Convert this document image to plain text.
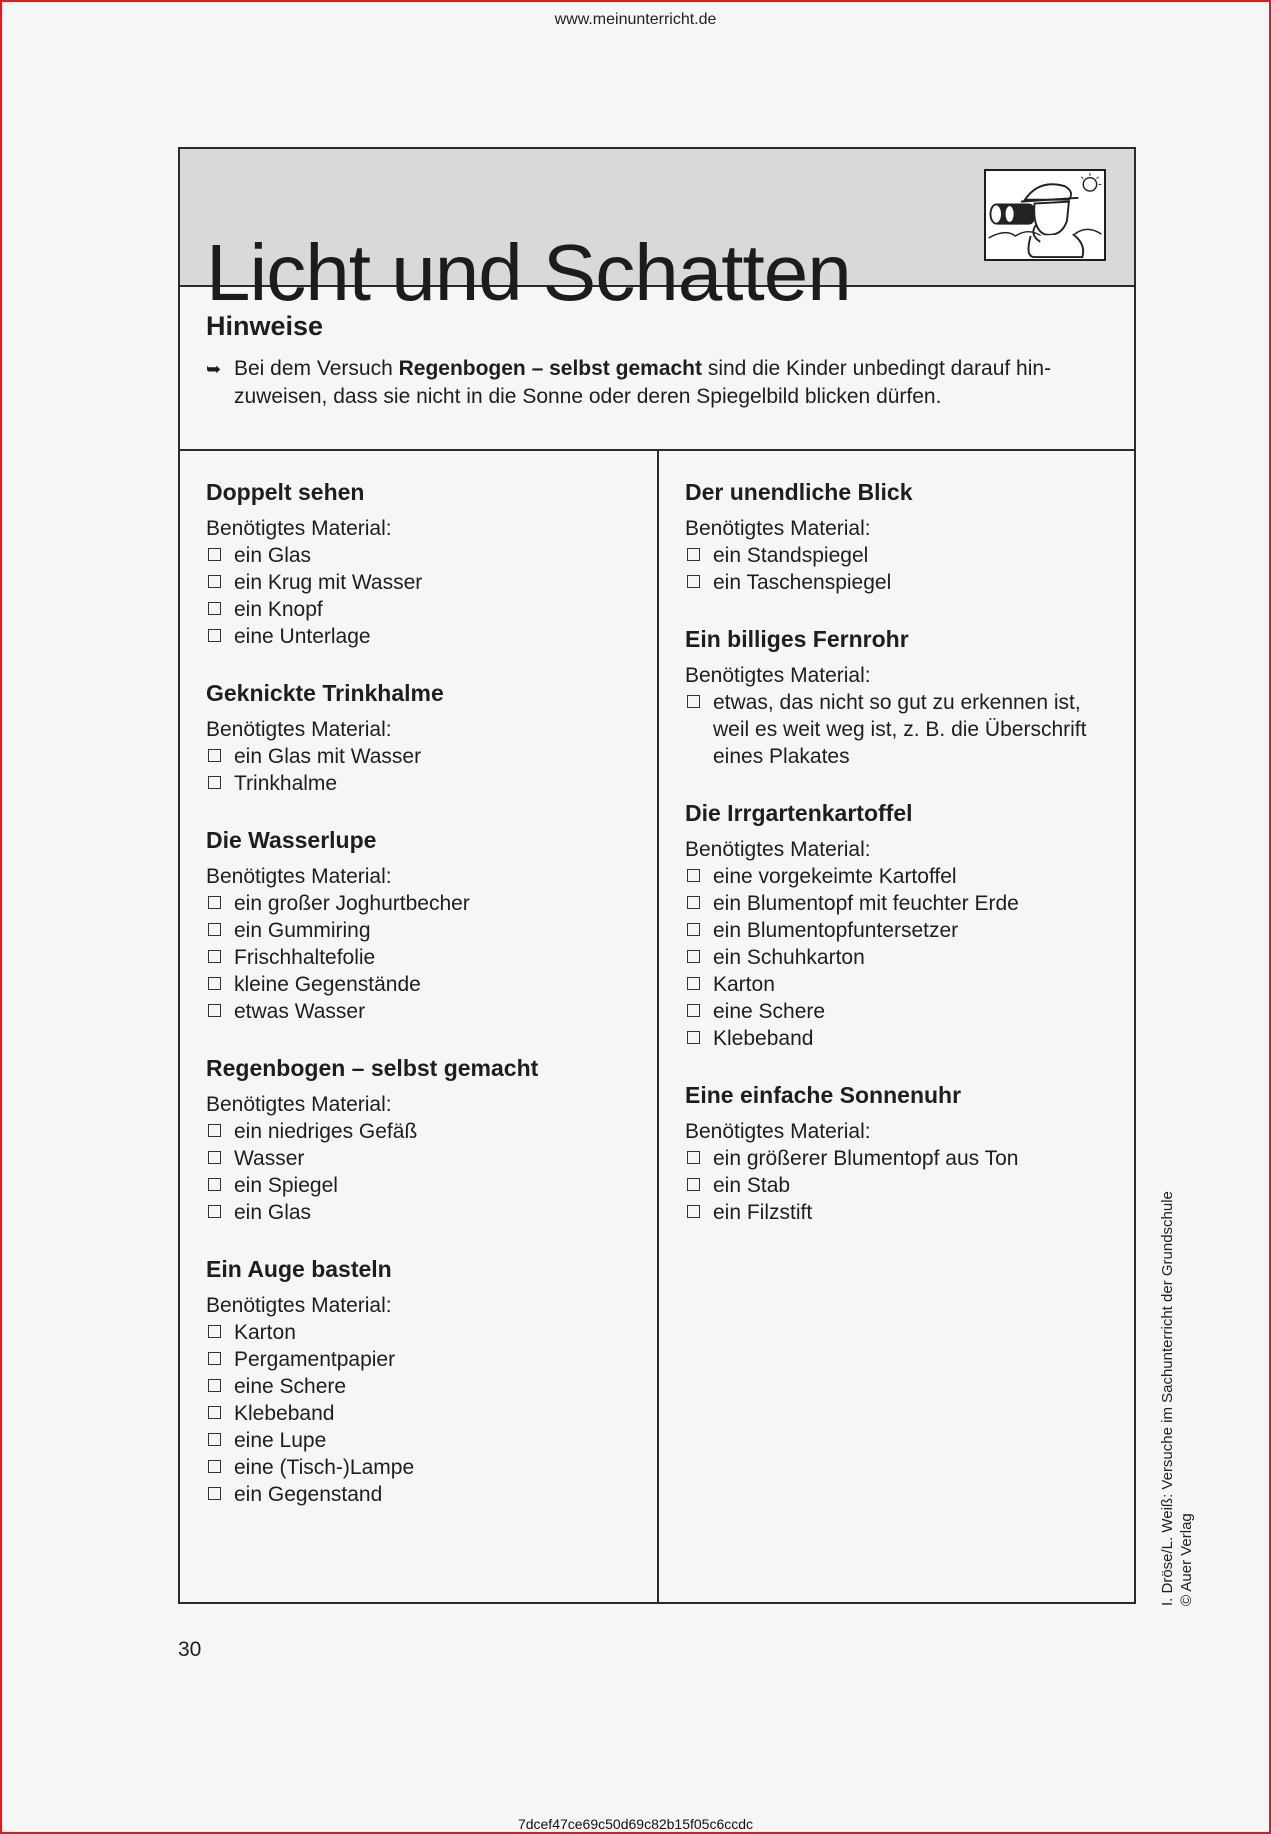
www.meinunterricht.de
Licht und Schatten
Hinweise
➥ Bei dem Versuch Regenbogen – selbst gemacht sind die Kinder unbedingt darauf hin-zuweisen, dass sie nicht in die Sonne oder deren Spiegelbild blicken dürfen.
Doppelt sehen
Benötigtes Material:
ein Glas
ein Krug mit Wasser
ein Knopf
eine Unterlage
Geknickte Trinkhalme
Benötigtes Material:
ein Glas mit Wasser
Trinkhalme
Die Wasserlupe
Benötigtes Material:
ein großer Joghurtbecher
ein Gummiring
Frischhaltefolie
kleine Gegenstände
etwas Wasser
Regenbogen – selbst gemacht
Benötigtes Material:
ein niedriges Gefäß
Wasser
ein Spiegel
ein Glas
Ein Auge basteln
Benötigtes Material:
Karton
Pergamentpapier
eine Schere
Klebeband
eine Lupe
eine (Tisch-)Lampe
ein Gegenstand
Der unendliche Blick
Benötigtes Material:
ein Standspiegel
ein Taschenspiegel
Ein billiges Fernrohr
Benötigtes Material:
etwas, das nicht so gut zu erkennen ist, weil es weit weg ist, z. B. die Überschrift eines Plakates
Die Irrgartenkartoffel
Benötigtes Material:
eine vorgekeimte Kartoffel
ein Blumentopf mit feuchter Erde
ein Blumentopfuntersetzer
ein Schuhkarton
Karton
eine Schere
Klebeband
Eine einfache Sonnenuhr
Benötigtes Material:
ein größerer Blumentopf aus Ton
ein Stab
ein Filzstift
30
I. Dröse/L. Weiß: Versuche im Sachunterricht der Grundschule © Auer Verlag
7dcef47ce69c50d69c82b15f05c6ccdc
